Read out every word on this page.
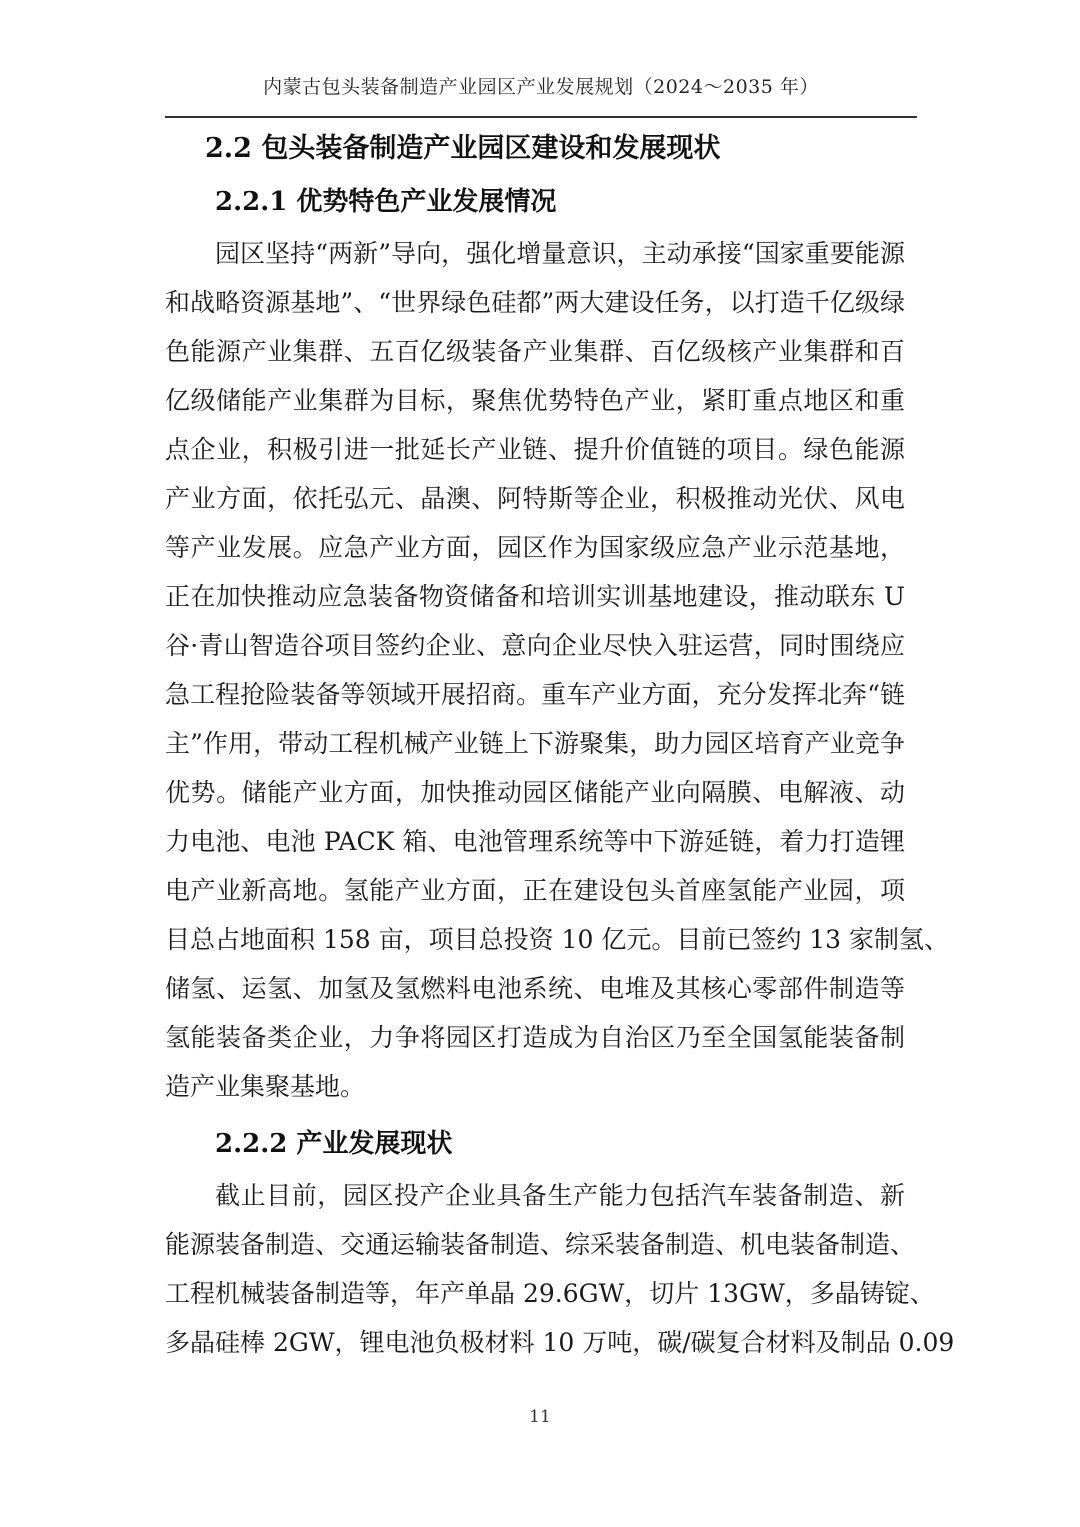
内蒙古包头装备制造产业园区产业发展规划（2024～2035 年）
2.2 包头装备制造产业园区建设和发展现状
2.2.1 优势特色产业发展情况
园区坚持“两新”导向，强化增量意识，主动承接“国家重要能源
和战略资源基地”、“世界绿色硅都”两大建设任务，以打造千亿级绿
色能源产业集群、五百亿级装备产业集群、百亿级核产业集群和百
亿级储能产业集群为目标，聚焦优势特色产业，紧盯重点地区和重
点企业，积极引进一批延长产业链、提升价值链的项目。绿色能源
产业方面，依托弘元、晶澳、阿特斯等企业，积极推动光伏、风电
等产业发展。应急产业方面，园区作为国家级应急产业示范基地，
正在加快推动应急装备物资储备和培训实训基地建设，推动联东 U
谷·青山智造谷项目签约企业、意向企业尽快入驻运营，同时围绕应
急工程抢险装备等领域开展招商。重车产业方面，充分发挥北奔“链
主”作用，带动工程机械产业链上下游聚集，助力园区培育产业竞争
优势。储能产业方面，加快推动园区储能产业向隔膜、电解液、动
力电池、电池 PACK 箱、电池管理系统等中下游延链，着力打造锂
电产业新高地。氢能产业方面，正在建设包头首座氢能产业园，项
目总占地面积 158 亩，项目总投资 10 亿元。目前已签约 13 家制氢、
储氢、运氢、加氢及氢燃料电池系统、电堆及其核心零部件制造等
氢能装备类企业，力争将园区打造成为自治区乃至全国氢能装备制
造产业集聚基地。
2.2.2 产业发展现状
截止目前，园区投产企业具备生产能力包括汽车装备制造、新
能源装备制造、交通运输装备制造、综采装备制造、机电装备制造、
工程机械装备制造等，年产单晶 29.6GW，切片 13GW，多晶铸锭、
多晶硅棒 2GW，锂电池负极材料 10 万吨，碳/碳复合材料及制品 0.09
11
